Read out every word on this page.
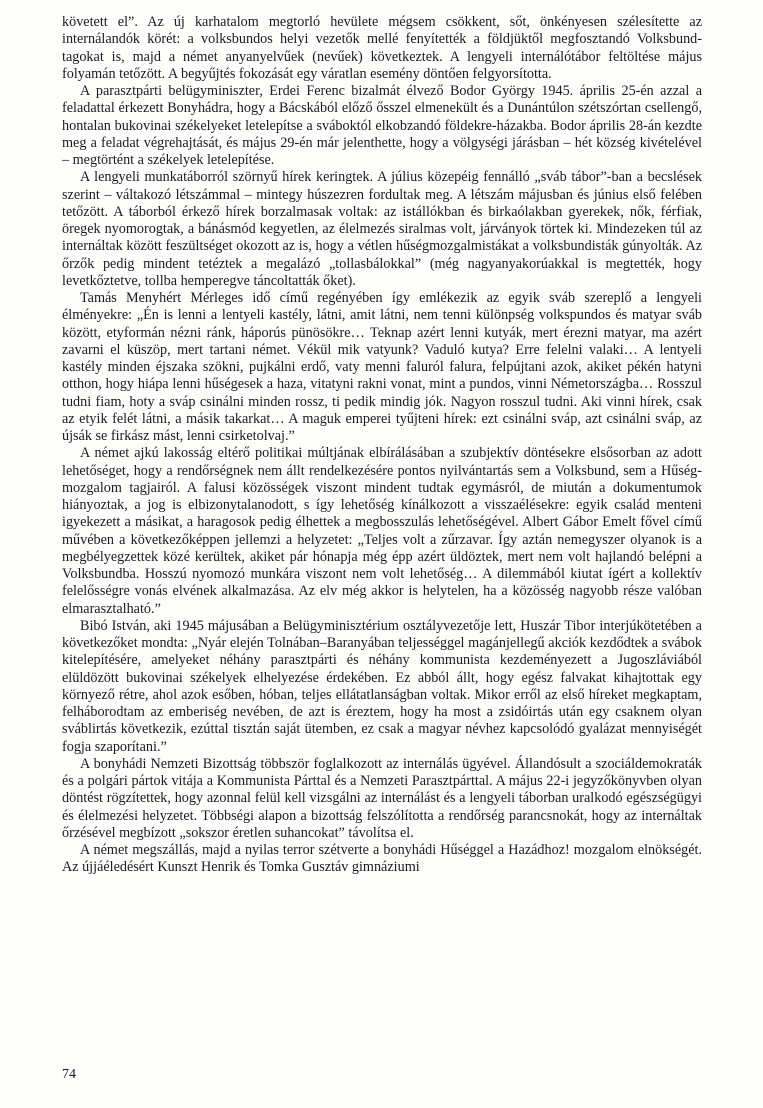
követett el”. Az új karhatalom megtorló hevülete mégsem csökkent, sőt, önkényesen szélesítette az internálandók körét: a volksbundos helyi vezetők mellé fenyítették a földjüktől megfosztandó Volksbund-tagokat is, majd a német anyanyelvűek (nevűek) következtek. A lengyeli internálótábor feltöltése május folyamán tetőzött. A begyűjtés fokozását egy váratlan esemény döntően felgyorsította.

A parasztpárti belügyminiszter, Erdei Ferenc bizalmát élvező Bodor György 1945. április 25-én azzal a feladattal érkezett Bonyhádra, hogy a Bácskából előző ősszel elmenekült és a Dunántúlon szétszórtan csellengő, hontalan bukovinai székelyeket letelepítse a sváboktól elkobzandó földekre-házakba. Bodor április 28-án kezdte meg a feladat végrehajtását, és május 29-én már jelenthette, hogy a völgységi járásban – hét község kivételével – megtörtént a székelyek letelepítése.

A lengyeli munkatáborról szörnyű hírek keringtek. A július közepéig fennálló „sváb tábor”-ban a becslések szerint – váltakozó létszámmal – mintegy húszezren fordultak meg. A létszám májusban és június első felében tetőzött. A táborból érkező hírek borzalmasak voltak: az istállókban és birkaólakban gyerekek, nők, férfiak, öregek nyomorogtak, a bánásmód kegyetlen, az élelmezés siralmas volt, járványok törtek ki. Mindezeken túl az internáltak között feszültséget okozott az is, hogy a vétlen hűségmozgalmistákat a volksbundisták gúnyolták. Az őrzők pedig mindent tetéztek a megalázó „tollasbálokkal” (még nagyanyakorúakkal is megtették, hogy levetkőztetve, tollba hemperegve táncoltatták őket).

Tamás Menyhért Mérleges idő című regényében így emlékezik az egyik sváb szereplő a lengyeli élményekre: „Én is lenni a lentyeli kastély, látni, amit látni, nem tenni különpség volkspundos és matyar sváb között, etyformán nézni ránk, háporús pünösökre… Teknap azért lenni kutyák, mert érezni matyar, ma azért zavarni el küszöp, mert tartani német. Vékül mik vatyunk? Vaduló kutya? Erre felelni valaki… A lentyeli kastély minden éjszaka szökni, pujkálni erdő, vaty menni faluról falura, felpújtani azok, akiket pékén hatyni otthon, hogy hiápa lenni hűségesek a haza, vitatyni rakni vonat, mint a pundos, vinni Németországba… Rosszul tudni fiam, hoty a sváp csinálni minden rossz, ti pedik mindig jók. Nagyon rosszul tudni. Aki vinni hírek, csak az etyik felét látni, a másik takarkat… A maguk emperei tyűjteni hírek: ezt csinálni sváp, azt csinálni sváp, az újsák se firkász mást, lenni csirketolvaj.”

A német ajkú lakosság eltérő politikai múltjának elbírálásában a szubjektív döntésekre elsősorban az adott lehetőséget, hogy a rendőrségnek nem állt rendelkezésére pontos nyilvántartás sem a Volksbund, sem a Hűség-mozgalom tagjairól. A falusi közösségek viszont mindent tudtak egymásról, de miután a dokumentumok hiányoztak, a jog is elbizonytalanodott, s így lehetőség kínálkozott a visszaélésekre: egyik család menteni igyekezett a másikat, a haragosok pedig élhettek a megbosszulás lehetőségével. Albert Gábor Emelt fővel című művében a következőképpen jellemzi a helyzetet: „Teljes volt a zűrzavar. Így aztán nemegyszer olyanok is a megbélyegzettek közé kerültek, akiket pár hónapja még épp azért üldöztek, mert nem volt hajlandó belépni a Volksbundba. Hosszú nyomozó munkára viszont nem volt lehetőség… A dilemmából kiutat ígért a kollektív felelősségre vonás elvének alkalmazása. Az elv még akkor is helytelen, ha a közösség nagyobb része valóban elmarasztalható.”

Bibó István, aki 1945 májusában a Belügyminisztérium osztályvezetője lett, Huszár Tibor interjúkötetében a következőket mondta: „Nyár elején Tolnában–Baranyában teljességgel magánjellegű akciók kezdődtek a svábok kitelepítésére, amelyeket néhány parasztpárti és néhány kommunista kezdeményezett a Jugoszláviából elüldözött bukovinai székelyek elhelyezése érdekében. Ez abból állt, hogy egész falvakat kihajtottak egy környező rétre, ahol azok esőben, hóban, teljes ellátatlanságban voltak. Mikor erről az első híreket megkaptam, felháborodtam az emberiség nevében, de azt is éreztem, hogy ha most a zsidóirtás után egy csaknem olyan sváblirtás következik, ezúttal tisztán saját ütemben, ez csak a magyar névhez kapcsolódó gyalázat mennyiségét fogja szaporítani.”

A bonyhádi Nemzeti Bizottság többször foglalkozott az internálás ügyével. Állandósult a szociáldemokraták és a polgári pártok vitája a Kommunista Párttal és a Nemzeti Parasztpárttal. A május 22-i jegyzőkönyvben olyan döntést rögzítettek, hogy azonnal felül kell vizsgálni az internálást és a lengyeli táborban uralkodó egészségügyi és élelmezési helyzetet. Többségi alapon a bizottság felszólította a rendőrség parancsnokát, hogy az internáltak őrzésével megbízott „sokszor éretlen suhancokat” távolítsa el.

A német megszállás, majd a nyilas terror szétverte a bonyhádi Hűséggel a Hazádhoz! mozgalom elnökségét. Az újjáéledésért Kunszt Henrik és Tomka Gusztáv gimnáziumi

74
